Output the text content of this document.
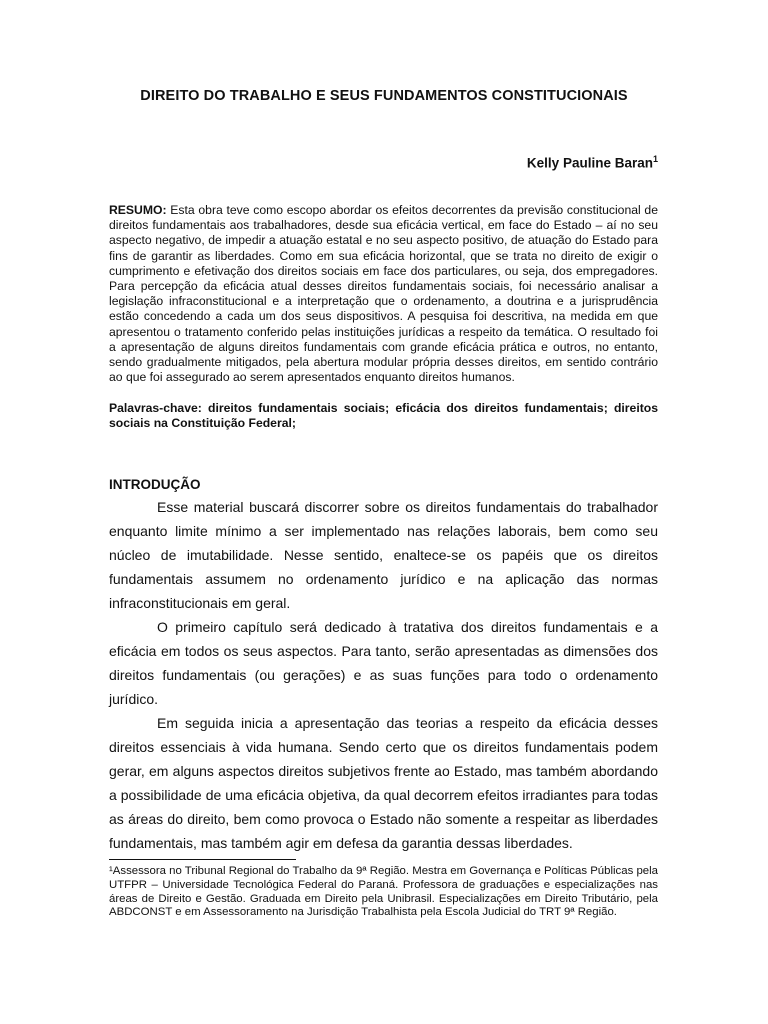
DIREITO DO TRABALHO E SEUS FUNDAMENTOS CONSTITUCIONAIS
Kelly Pauline Baran$^1$
RESUMO: Esta obra teve como escopo abordar os efeitos decorrentes da previsão constitucional de direitos fundamentais aos trabalhadores, desde sua eficácia vertical, em face do Estado – aí no seu aspecto negativo, de impedir a atuação estatal e no seu aspecto positivo, de atuação do Estado para fins de garantir as liberdades. Como em sua eficácia horizontal, que se trata no direito de exigir o cumprimento e efetivação dos direitos sociais em face dos particulares, ou seja, dos empregadores. Para percepção da eficácia atual desses direitos fundamentais sociais, foi necessário analisar a legislação infraconstitucional e a interpretação que o ordenamento, a doutrina e a jurisprudência estão concedendo a cada um dos seus dispositivos. A pesquisa foi descritiva, na medida em que apresentou o tratamento conferido pelas instituições jurídicas a respeito da temática. O resultado foi a apresentação de alguns direitos fundamentais com grande eficácia prática e outros, no entanto, sendo gradualmente mitigados, pela abertura modular própria desses direitos, em sentido contrário ao que foi assegurado ao serem apresentados enquanto direitos humanos.
Palavras-chave: direitos fundamentais sociais; eficácia dos direitos fundamentais; direitos sociais na Constituição Federal;
INTRODUÇÃO

Esse material buscará discorrer sobre os direitos fundamentais do trabalhador enquanto limite mínimo a ser implementado nas relações laborais, bem como seu núcleo de imutabilidade. Nesse sentido, enaltece-se os papéis que os direitos fundamentais assumem no ordenamento jurídico e na aplicação das normas infraconstitucionais em geral.

O primeiro capítulo será dedicado à tratativa dos direitos fundamentais e a eficácia em todos os seus aspectos. Para tanto, serão apresentadas as dimensões dos direitos fundamentais (ou gerações) e as suas funções para todo o ordenamento jurídico.

Em seguida inicia a apresentação das teorias a respeito da eficácia desses direitos essenciais à vida humana. Sendo certo que os direitos fundamentais podem gerar, em alguns aspectos direitos subjetivos frente ao Estado, mas também abordando a possibilidade de uma eficácia objetiva, da qual decorrem efeitos irradiantes para todas as áreas do direito, bem como provoca o Estado não somente a respeitar as liberdades fundamentais, mas também agir em defesa da garantia dessas liberdades.

¹Assessora no Tribunal Regional do Trabalho da 9ª Região. Mestra em Governança e Políticas Públicas pela UTFPR – Universidade Tecnológica Federal do Paraná. Professora de graduações e especializações nas áreas de Direito e Gestão. Graduada em Direito pela Unibrasil. Especializações em Direito Tributário, pela ABDCONST e em Assessoramento na Jurisdição Trabalhista pela Escola Judicial do TRT 9ª Região.
